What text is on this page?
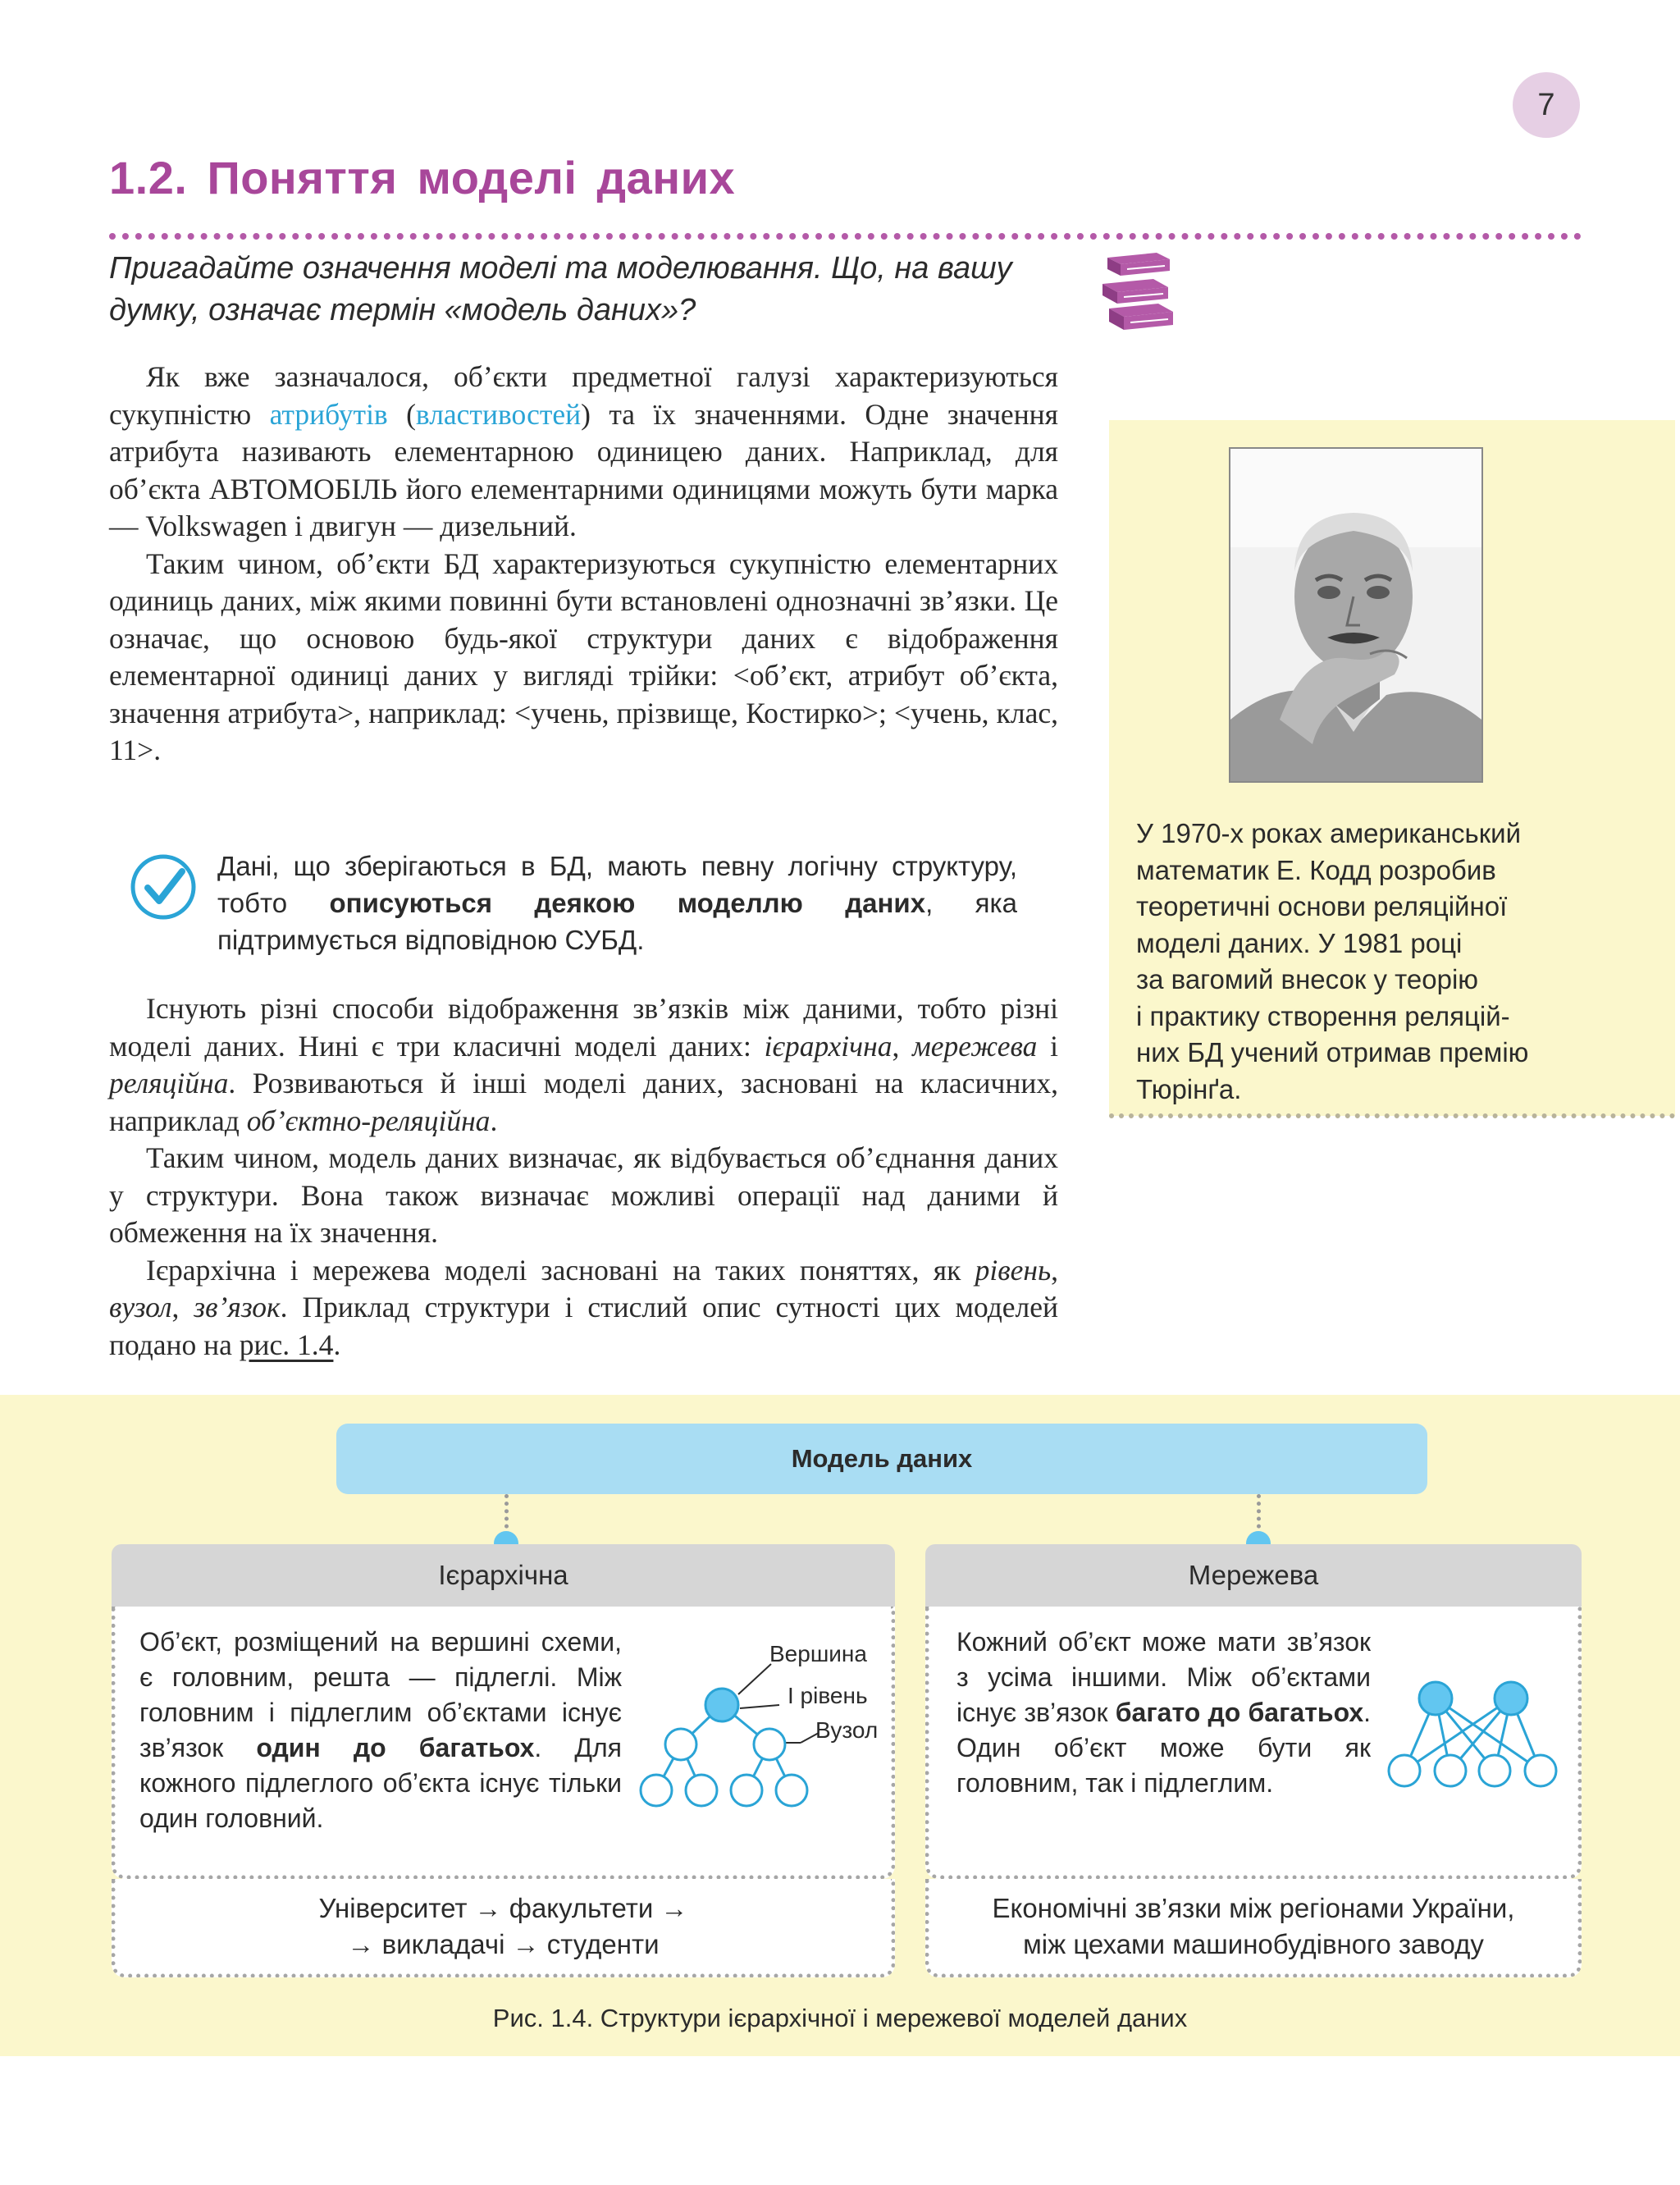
7
1.2. Поняття моделі даних
Пригадайте означення моделі та моделювання. Що, на вашу думку, означає термін «модель даних»?

Як вже зазначалося, об’єкти предметної галузі характеризуються сукупністю атрибутів (властивостей) та їх значеннями. Одне значення атрибута називають елементарною одиницею даних. Наприклад, для об’єкта АВТОМОБІЛЬ його елементарними одиницями можуть бути марка — Volkswagen і двигун — дизельний.

Таким чином, об’єкти БД характеризуються сукупністю елементарних одиниць даних, між якими повинні бути встановлені однозначні зв’язки. Це означає, що основою будь-якої структури даних є відображення елементарної одиниці даних у вигляді трійки: <об’єкт, атрибут об’єкта, значення атрибута>, наприклад: <учень, прізвище, Костирко>; <учень, клас, 11>.

Дані, що зберігаються в БД, мають певну логічну структуру, тобто описуються деякою моделлю даних, яка підтримується відповідною СУБД.

Існують різні способи відображення зв’язків між даними, тобто різні моделі даних. Нині є три класичні моделі даних: ієрархічна, мережева і реляційна. Розвиваються й інші моделі даних, засновані на класичних, наприклад об’єктно-реляційна.

Таким чином, модель даних визначає, як відбувається об’єднання даних у структури. Вона також визначає можливі операції над даними й обмеження на їх значення.

Ієрархічна і мережева моделі засновані на таких поняттях, як рівень, вузол, зв’язок. Приклад структури і стислий опис сутності цих моделей подано на рис. 1.4.

У 1970-х роках американський
математик Е. Кодд розробив
теоретичні основи реляційної
моделі даних. У 1981 році
за вагомий внесок у теорію
і практику створення реляцій-
них БД учений отримав премію
Тюрінґа.
Модель даних
Ієрархічна
Об’єкт, розміщений на вершині схеми, є головним, решта — підлеглі. Між головним і підлеглим об’єктами існує зв’язок один до багатьох. Для кожного підлеглого об’єкта існує тільки один головний.
Вершина
І рівень
Вузол
Університет → факультети →
→ викладачі → студенти
Мережева
Кожний об’єкт може мати зв’язок з усіма іншими. Між об’єктами існує зв’язок багато до багатьох. Один об’єкт може бути як головним, так і підлеглим.
Економічні зв’язки між регіонами України,
між цехами машинобудівного заводу
Рис. 1.4. Структури ієрархічної і мережевої моделей даних
